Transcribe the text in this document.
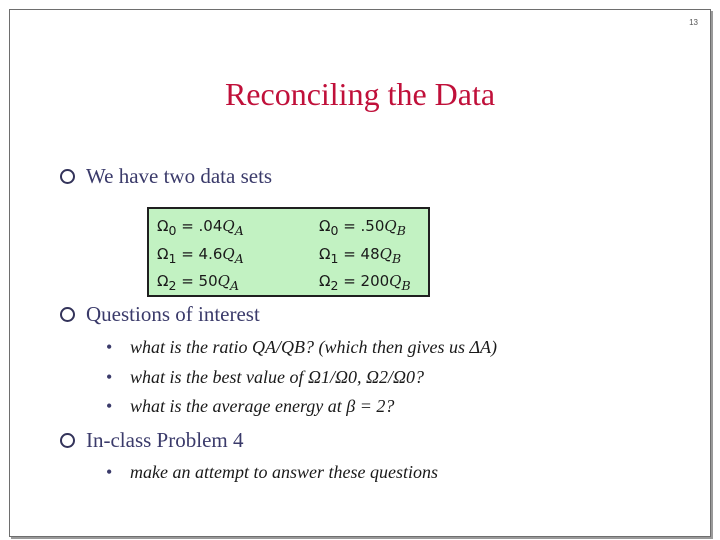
13
Reconciling the Data
We have two data sets
$\Omega_0 = .04Q_A$
$\Omega_1 = 4.6Q_A$
$\Omega_2 = 50Q_A$
$\Omega_0 = .50Q_B$
$\Omega_1 = 48Q_B$
$\Omega_2 = 200Q_B$
Questions of interest
• what is the ratio QA/QB? (which then gives us ΔA)
• what is the best value of Ω1/Ω0, Ω2/Ω0?
• what is the average energy at β = 2?
In-class Problem 4
• make an attempt to answer these questions
